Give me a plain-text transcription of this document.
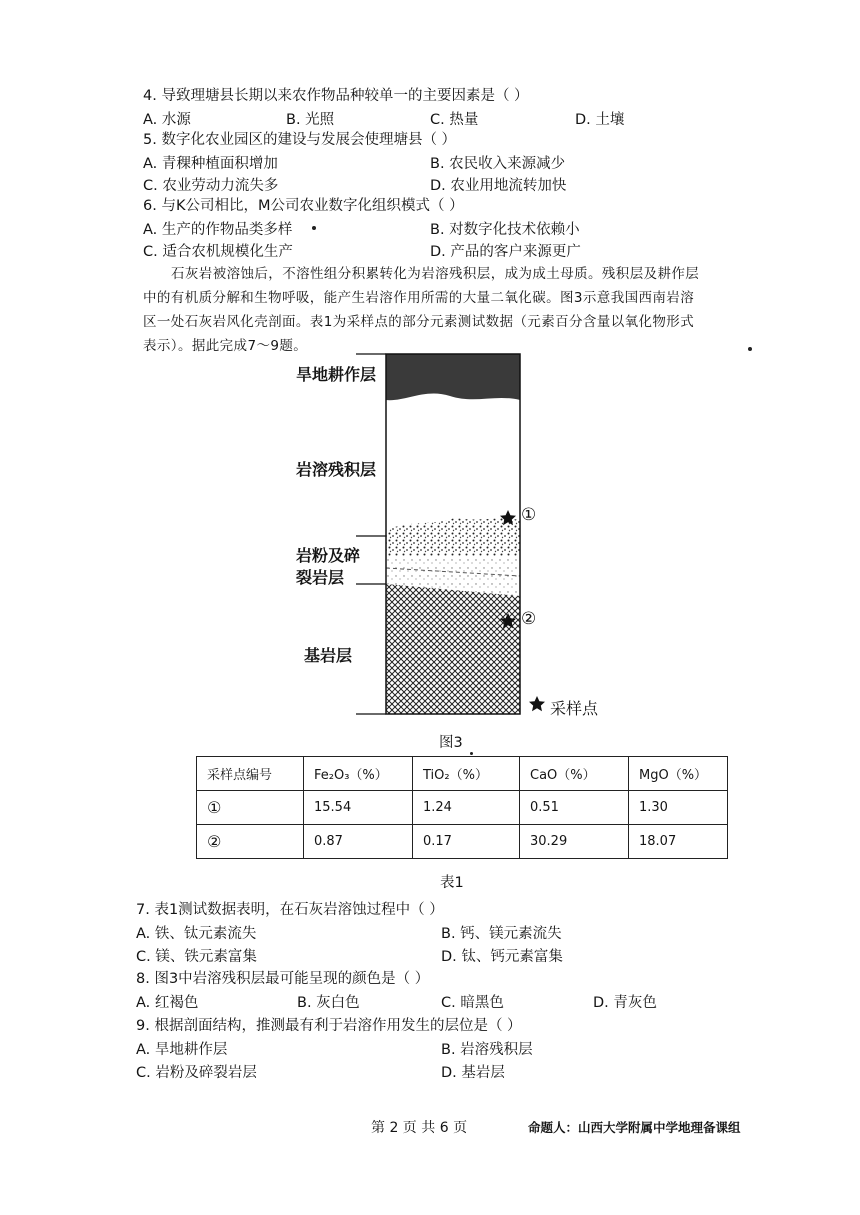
4. 导致理塘县长期以来农作物品种较单一的主要因素是（ ）
A. 水源	B. 光照	C. 热量	D. 土壤
5. 数字化农业园区的建设与发展会使理塘县（ ）
A. 青稞种植面积增加	B. 农民收入来源减少
C. 农业劳动力流失多	D. 农业用地流转加快
6. 与K公司相比，M公司农业数字化组织模式（ ）
A. 生产的作物品类多样	B. 对数字化技术依赖小
C. 适合农机规模化生产	D. 产品的客户来源更广

石灰岩被溶蚀后，不溶性组分积累转化为岩溶残积层，成为成土母质。残积层及耕作层

中的有机质分解和生物呼吸，能产生岩溶作用所需的大量二氧化碳。图3示意我国西南岩溶

区一处石灰岩风化壳剖面。表1为采样点的部分元素测试数据（元素百分含量以氧化物形式

表示）。据此完成7～9题。

旱地耕作层
岩溶残积层
岩粉及碎
裂岩层
基岩层
①
②
采样点
图3
采样点编号	Fe₂O₃（%）	TiO₂（%）	CaO（%）	MgO（%）
①	15.54	1.24	0.51	1.30
②	0.87	0.17	30.29	18.07
表1
7. 表1测试数据表明，在石灰岩溶蚀过程中（ ）
A. 铁、钛元素流失	B. 钙、镁元素流失
C. 镁、铁元素富集	D. 钛、钙元素富集
8. 图3中岩溶残积层最可能呈现的颜色是（ ）
A. 红褐色	B. 灰白色	C. 暗黑色	D. 青灰色
9. 根据剖面结构，推测最有利于岩溶作用发生的层位是（ ）
A. 旱地耕作层	B. 岩溶残积层
C. 岩粉及碎裂岩层	D. 基岩层
第 2 页 共 6 页	命题人：山西大学附属中学地理备课组
